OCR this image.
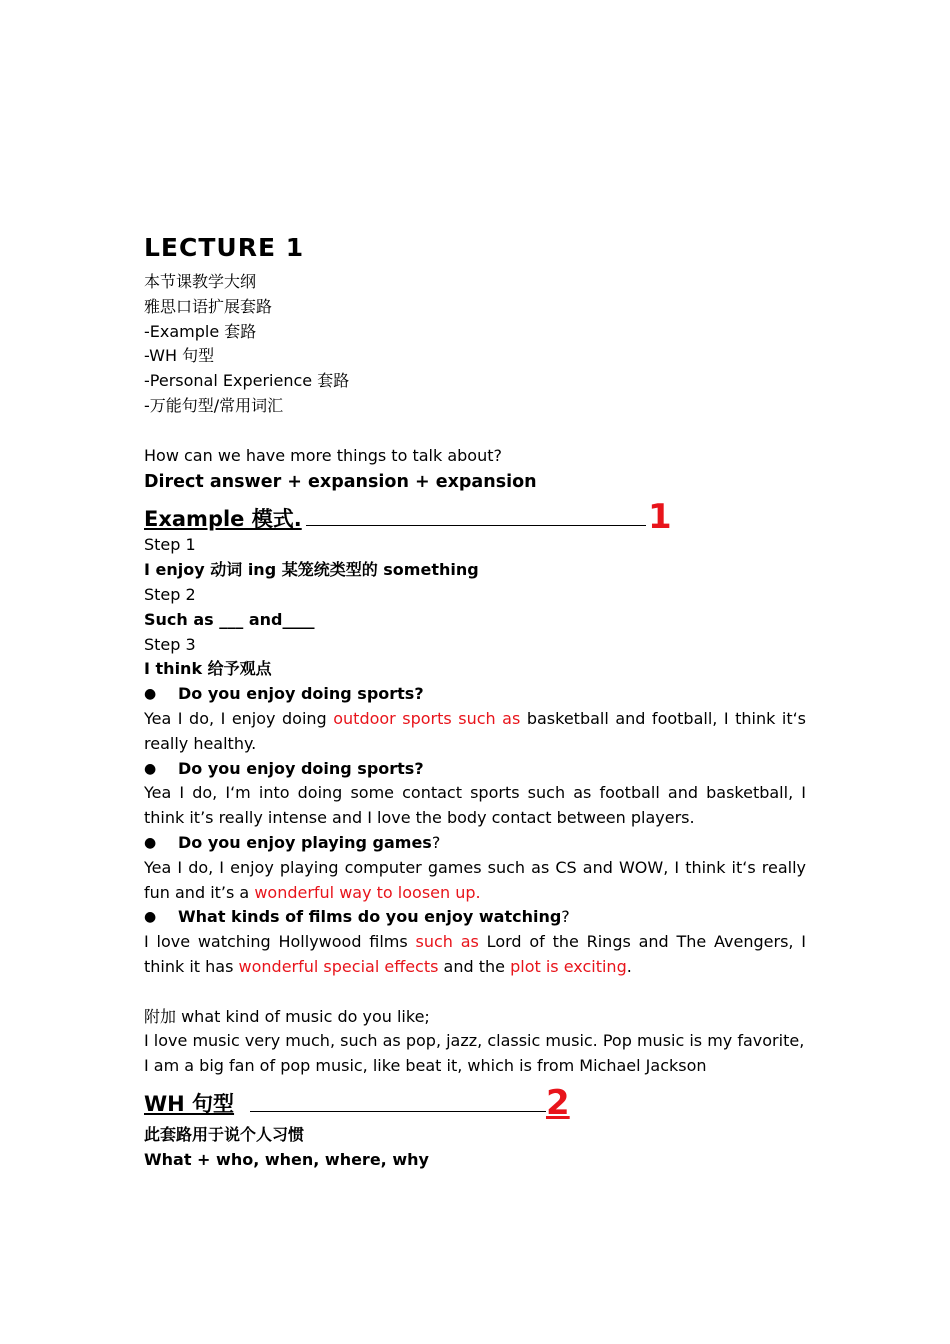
LECTURE 1
本节课教学大纲
雅思口语扩展套路
-Example 套路
-WH 句型
-Personal Experience 套路
-万能句型/常用词汇
How can we have more things to talk about?
Direct answer + expansion + expansion
Example 模式.	1
Step 1
I enjoy 动词 ing 某笼统类型的 something
Step 2
Such as ___ and____
Step 3
I think 给予观点
●	Do you enjoy doing sports?
Yea I do, I enjoy doing outdoor sports such as basketball and football, I think it‘s really healthy.
●	Do you enjoy doing sports?
Yea I do, I‘m into doing some contact sports such as football and basketball, I think it’s really intense and I love the body contact between players.
●	Do you enjoy playing games?
Yea I do, I enjoy playing computer games such as CS and WOW, I think it‘s really fun and it’s a wonderful way to loosen up.
●	What kinds of films do you enjoy watching?
I love watching Hollywood films such as Lord of the Rings and The Avengers, I think it has wonderful special effects and the plot is exciting.
附加 what kind of music do you like;
I love music very much, such as pop, jazz, classic music. Pop music is my favorite,
I am a big fan of pop music, like beat it, which is from Michael Jackson
WH 句型	2
此套路用于说个人习惯
What + who, when, where, why
